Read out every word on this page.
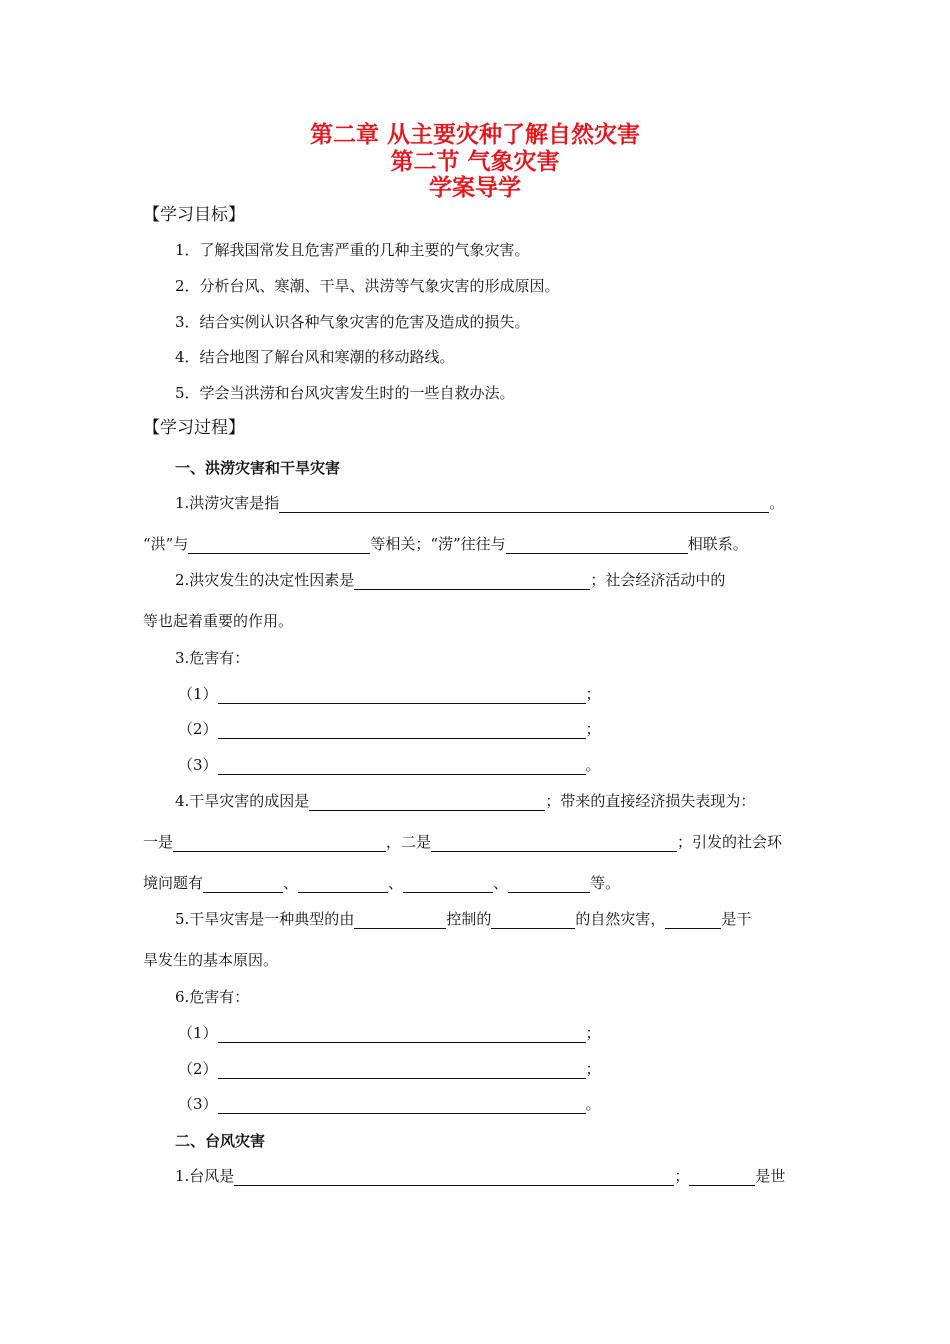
第二章 从主要灾种了解自然灾害
第二节 气象灾害
学案导学
【学习目标】
1．了解我国常发且危害严重的几种主要的气象灾害。
2．分析台风、寒潮、干旱、洪涝等气象灾害的形成原因。
3．结合实例认识各种气象灾害的危害及造成的损失。
4．结合地图了解台风和寒潮的移动路线。
5．学会当洪涝和台风灾害发生时的一些自救办法。
【学习过程】
一、洪涝灾害和干旱灾害
1.洪涝灾害是指	。
“洪”与	等相关；“涝”往往与	相联系。
2.洪灾发生的决定性因素是	；社会经济活动中的
等也起着重要的作用。
3.危害有：
（1）	；
（2）	；
（3）	。
4.干旱灾害的成因是	；带来的直接经济损失表现为：
一是	，二是	；引发的社会环
境问题有	、	、	、	等。
5.干旱灾害是一种典型的由	控制的	的自然灾害，	是干
旱发生的基本原因。
6.危害有：
（1）	；
（2）	；
（3）	。
二、台风灾害
1.台风是	；	是世
